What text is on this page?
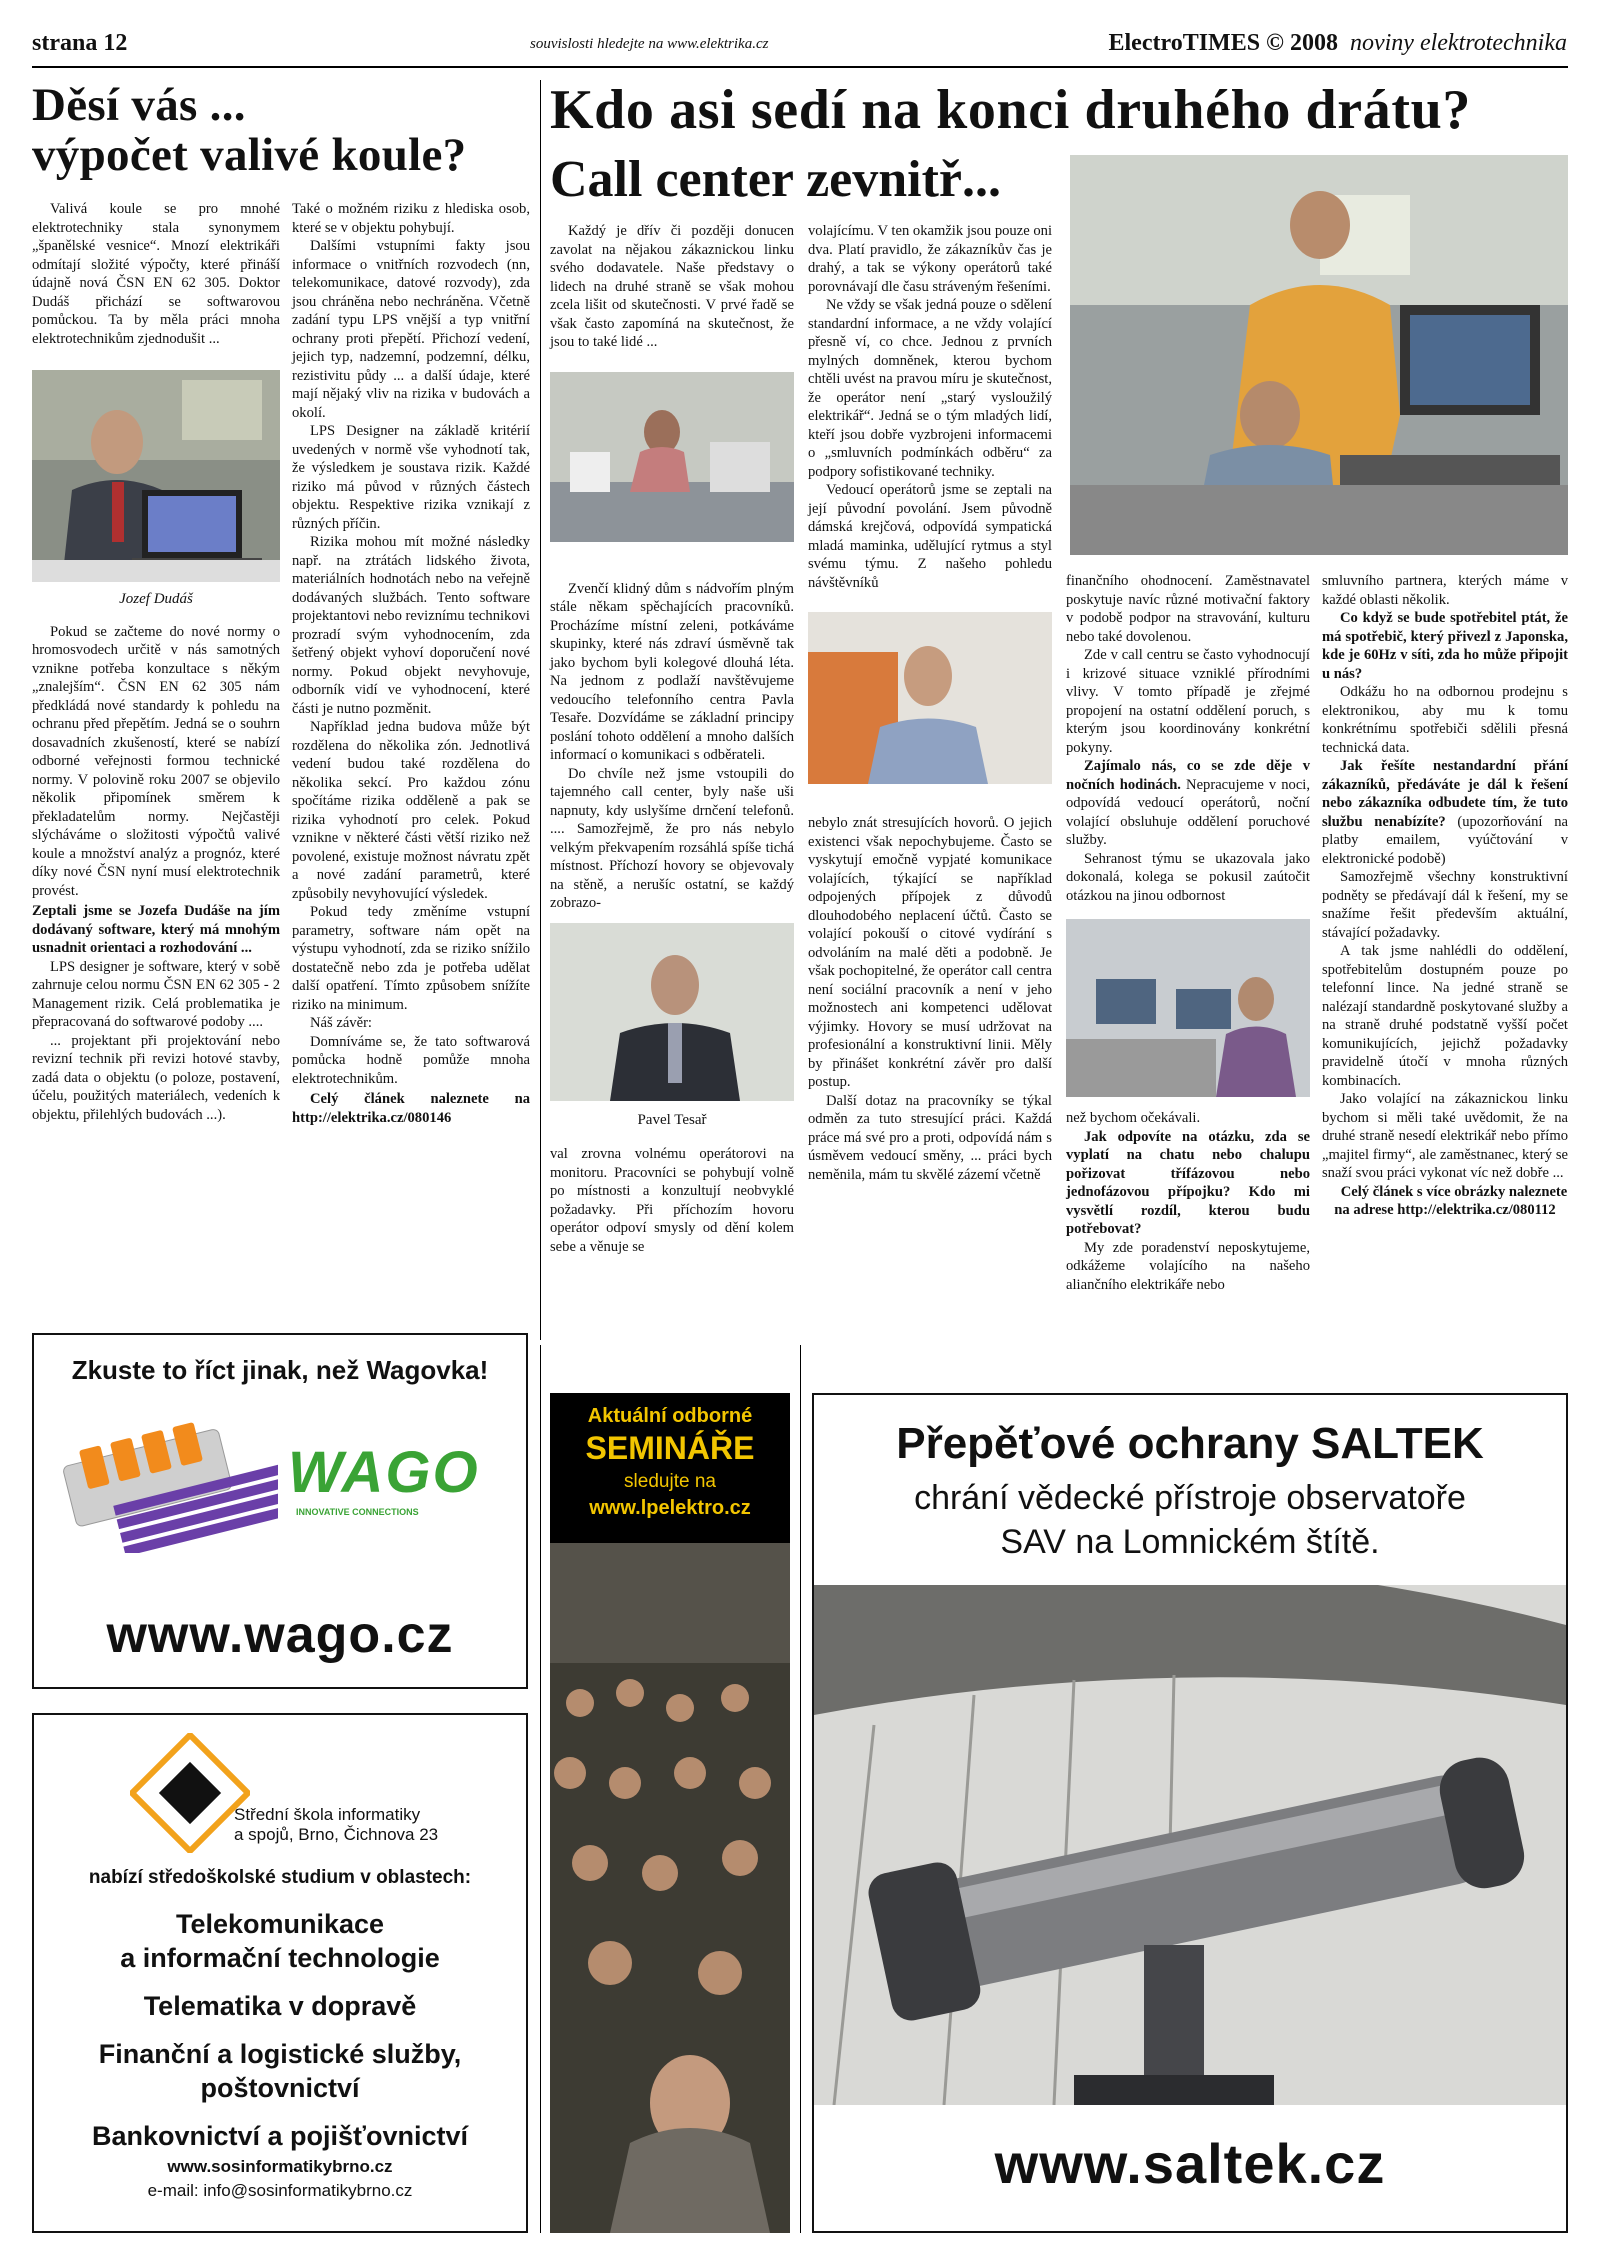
strana 12	souvislosti hledejte na www.elektrika.cz	ElectroTIMES © 2008 noviny elektrotechnika
Děsí vás ...
výpočet valivé koule?

Valivá koule se pro mnohé elektrotechniky stala synonymem „španělské vesnice“. Mnozí elektrikáři odmítají složité výpočty, které přináší údajně nová ČSN EN 62 305. Doktor Dudáš přichází se softwarovou pomůckou. Ta by měla práci mnoha elektrotechnikům zjednodušit ...

Jozef Dudáš

Pokud se začteme do nové normy o hromosvodech určitě v nás samotných vznikne potřeba konzultace s někým „znalejším“. ČSN EN 62 305 nám předkládá nové standardy k pohledu na ochranu před přepětím. Jedná se o souhrn dosavadních zkušeností, které se nabízí odborné veřejnosti formou technické normy. V polovině roku 2007 se objevilo několik připomínek směrem k překladatelům normy. Nejčastěji slýcháváme o složitosti výpočtů valivé koule a množství analýz a prognóz, které díky nové ČSN nyní musí elektrotechnik provést.

Zeptali jsme se Jozefa Dudáše na jím dodávaný software, který má mnohým usnadnit orientaci a rozhodování ...

LPS designer je software, který v sobě zahrnuje celou normu ČSN EN 62 305 - 2 Management rizik. Celá problematika je přepracovaná do softwarové podoby ....

... projektant při projektování nebo revizní technik při revizi hotové stavby, zadá data o objektu (o poloze, postavení, účelu, použitých materiálech, vedeních k objektu, přilehlých budovách ...).

Také o možném riziku z hlediska osob, které se v objektu pohybují.

Dalšími vstupními fakty jsou informace o vnitřních rozvodech (nn, telekomunikace, datové rozvody), zda jsou chráněna nebo nechráněna. Včetně zadání typu LPS vnější a typ vnitřní ochrany proti přepětí. Přichozí vedení, jejich typ, nadzemní, podzemní, délku, rezistivitu půdy ... a další údaje, které mají nějaký vliv na rizika v budovách a okolí.

LPS Designer na základě kritérií uvedených v normě vše vyhodnotí tak, že výsledkem je soustava rizik. Každé riziko má původ v různých částech objektu. Respektive rizika vznikají z různých příčin.

Rizika mohou mít možné následky např. na ztrátách lidského života, materiálních hodnotách nebo na veřejně dodávaných službách. Tento software projektantovi nebo reviznímu technikovi prozradí svým vyhodnocením, zda šetřený objekt vyhoví doporučení nové normy. Pokud objekt nevyhovuje, odborník vidí ve vyhodnocení, které části je nutno pozměnit.

Například jedna budova může být rozdělena do několika zón. Jednotlivá vedení budou také rozdělena do několika sekcí. Pro každou zónu spočítáme rizika odděleně a pak se rizika vyhodnotí pro celek. Pokud vznikne v některé části větší riziko než povolené, existuje možnost návratu zpět a nové zadání parametrů, které způsobily nevyhovující výsledek.

Pokud tedy změníme vstupní parametry, software nám opět na výstupu vyhodnotí, zda se riziko snížilo dostatečně nebo zda je potřeba udělat další opatření. Tímto způsobem snížíte riziko na minimum.

Náš závěr:

Domníváme se, že tato softwarová pomůcka hodně pomůže mnoha elektrotechnikům.

Celý článek naleznete na http://elektrika.cz/080146

Kdo asi sedí na konci druhého drátu?
Call center zevnitř...

Každý je dřív či později donucen zavolat na nějakou zákaznickou linku svého dodavatele. Naše představy o lidech na druhé straně se však mohou zcela lišit od skutečnosti. V prvé řadě se však často zapomíná na skutečnost, že jsou to také lidé ...

Zvenčí klidný dům s nádvořím plným stále někam spěchajících pracovníků. Procházíme místní zeleni, potkáváme skupinky, které nás zdraví úsměvně tak jako bychom byli kolegové dlouhá léta. Na jednom z podlaží navštěvujeme vedoucího telefonního centra Pavla Tesaře. Dozvídáme se základní principy poslání tohoto oddělení a mnoho dalších informací o komunikaci s odběrateli.

Do chvíle než jsme vstoupili do tajemného call center, byly naše uši napnuty, kdy uslyšíme drnčení telefonů. .... Samozřejmě, že pro nás nebylo velkým překvapením rozsáhlá spíše tichá místnost. Příchozí hovory se objevovaly na stěně, a nerušíc ostatní, se každý zobrazo-

Pavel Tesař

val zrovna volnému operátorovi na monitoru. Pracovníci se pohybují volně po místnosti a konzultují neobvyklé požadavky. Při příchozím hovoru operátor odpoví smysly od dění kolem sebe a věnuje se

volajícímu. V ten okamžik jsou pouze oni dva. Platí pravidlo, že zákazníkův čas je drahý, a tak se výkony operátorů také porovnávají dle času stráveným řešeními.

Ne vždy se však jedná pouze o sdělení standardní informace, a ne vždy volající přesně ví, co chce. Jednou z prvních mylných domněnek, kterou bychom chtěli uvést na pravou míru je skutečnost, že operátor není „starý vysloužilý elektrikář“. Jedná se o tým mladých lidí, kteří jsou dobře vyzbrojeni informacemi o „smluvních podmínkách odběru“ za podpory sofistikované techniky.

Vedoucí operátorů jsme se zeptali na její původní povolání. Jsem původně dámská krejčová, odpovídá sympatická mladá maminka, udělující rytmus a styl svému týmu. Z našeho pohledu návštěvníků

nebylo znát stresujících hovorů. O jejich existenci však nepochybujeme. Často se vyskytují emočně vypjaté komunikace volajících, týkající se například odpojených přípojek z důvodů dlouhodobého neplacení účtů. Často se volající pokouší o citové vydírání s odvoláním na malé děti a podobně. Je však pochopitelné, že operátor call centra není sociální pracovník a není v jeho možnostech ani kompetenci udělovat výjimky. Hovory se musí udržovat na profesionální a konstruktivní linii. Měly by přinášet konkrétní závěr pro další postup.

Další dotaz na pracovníky se týkal odměn za tuto stresující práci. Každá práce má své pro a proti, odpovídá nám s úsměvem vedoucí směny, ... práci bych neměnila, mám tu skvělé zázemí včetně

finančního ohodnocení. Zaměstnavatel poskytuje navíc různé motivační faktory v podobě podpor na stravování, kulturu nebo také dovolenou.

Zde v call centru se často vyhodnocují i krizové situace vzniklé přírodními vlivy. V tomto případě je zřejmé propojení na ostatní oddělení poruch, s kterým jsou koordinovány konkrétní pokyny.

Zajímalo nás, co se zde děje v nočních hodinách. Nepracujeme v noci, odpovídá vedoucí operátorů, noční volající obsluhuje oddělení poruchové služby.

Sehranost týmu se ukazovala jako dokonalá, kolega se pokusil zaútočit otázkou na jinou odbornost

než bychom očekávali.

Jak odpovíte na otázku, zda se vyplatí na chatu nebo chalupu pořizovat třífázovou nebo jednofázovou přípojku? Kdo mi vysvětlí rozdíl, kterou budu potřebovat?

My zde poradenství neposkytujeme, odkážeme volajícího na našeho aliančního elektrikáře nebo

smluvního partnera, kterých máme v každé oblasti několik.

Co když se bude spotřebitel ptát, že má spotřebič, který přivezl z Japonska, kde je 60Hz v síti, zda ho může připojit u nás?

Odkážu ho na odbornou prodejnu s elektronikou, aby mu k tomu konkrétnímu spotřebiči sdělili přesná technická data.

Jak řešíte nestandardní přání zákazníků, předáváte je dál k řešení nebo zákazníka odbudete tím, že tuto službu nenabízíte? (upozorňování na platby emailem, vyúčtování v elektronické podobě)

Samozřejmě všechny konstruktivní podněty se předávají dál k řešení, my se snažíme řešit především aktuální, stávající požadavky.

A tak jsme nahlédli do oddělení, spotřebitelům dostupném pouze po telefonní lince. Na jedné straně se nalézají standardně poskytované služby a na straně druhé podstatně vyšší počet komunikujících, jejichž požadavky pravidelně útočí v mnoha různých kombinacích.

Jako volající na zákaznickou linku bychom si měli také uvědomit, že na druhé straně nesedí elektrikář nebo přímo „majitel firmy“, ale zaměstnanec, který se snaží svou práci vykonat víc než dobře ...

Celý článek s více obrázky naleznete na adrese http://elektrika.cz/080112

Zkuste to říct jinak, než Wagovka!
WAGO
INNOVATIVE CONNECTIONS
www.wago.cz
Střední škola informatiky
a spojů, Brno, Čichnova 23
nabízí středoškolské studium v oblastech:
Telekomunikace
a informační technologie
Telematika v dopravě
Finanční a logistické služby,
poštovnictví
Bankovnictví a pojišťovnictví
www.sosinformatikybrno.cz
e-mail: info@sosinformatikybrno.cz
Aktuální odborné
SEMINÁŘE
sledujte na
www.lpelektro.cz
Přepěťové ochrany SALTEK
chrání vědecké přístroje observatoře
SAV na Lomnickém štítě.
www.saltek.cz
